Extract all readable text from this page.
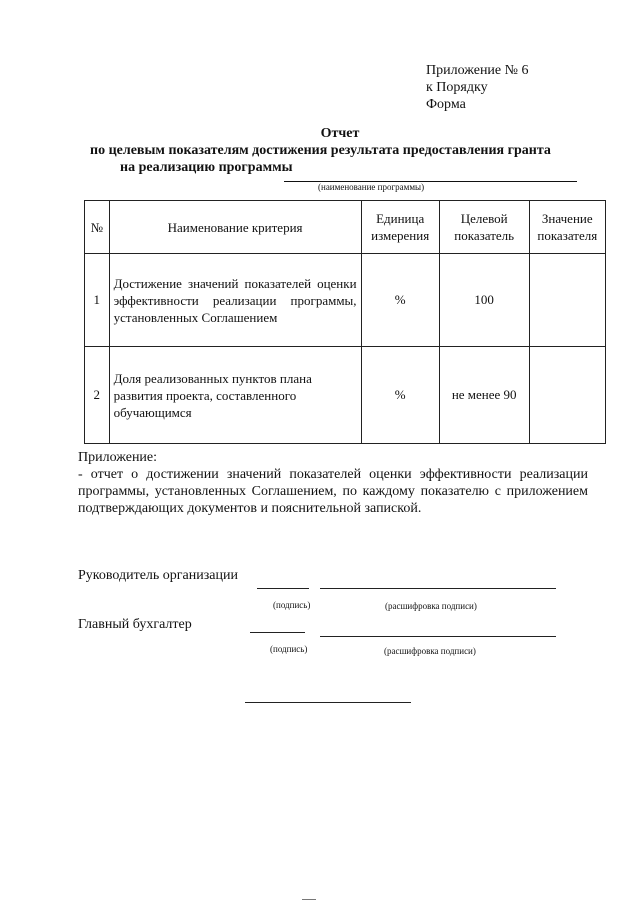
Приложение № 6
к Порядку
Форма
Отчет
по целевым показателям достижения результата предоставления гранта
на реализацию программы
(наименование программы)
№	Наименование критерия	Единица измерения	Целевой показатель	Значение показателя
1	Достижение значений показателей оценки эффективности реализации программы, установленных Соглашением	%	100	
2	Доля реализованных пунктов плана развития проекта, составленного обучающимся	%	не менее 90	
Приложение:
- отчет о достижении значений показателей оценки эффективности реализации программы, установленных Соглашением, по каждому показателю с приложением подтверждающих документов и пояснительной запиской.
Руководитель организации
(подпись)	(расшифровка подписи)
Главный бухгалтер
(подпись)	(расшифровка подписи)
